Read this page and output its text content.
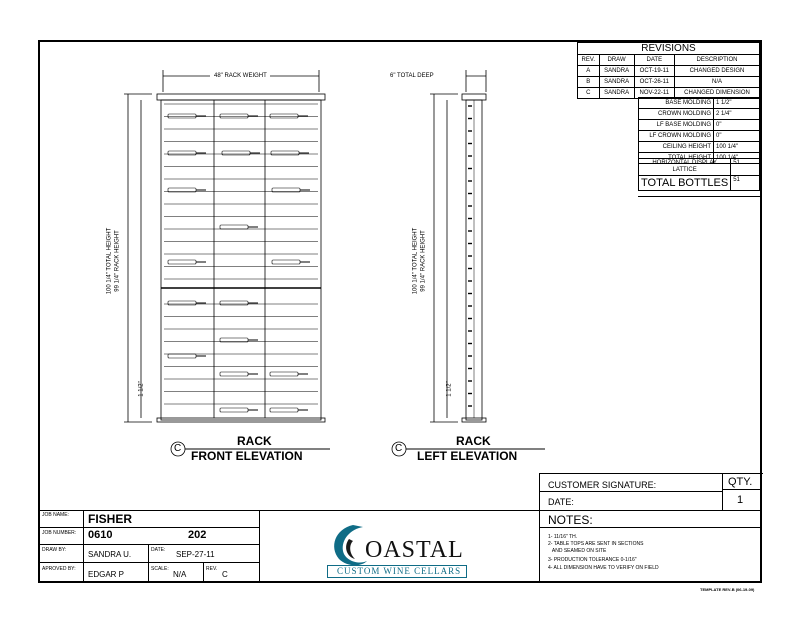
REVISIONS			
REV.	DRAW	DATE	DESCRIPTION
A	SANDRA	OCT-19-11	CHANGED DESIGN
B	SANDRA	OCT-26-11	N/A
C	SANDRA	NOV-22-11	CHANGED DIMENSION
BASE MOLDING	1 1/2"
CROWN MOLDING	2 1/4"
LF BASE MOLDING	0"
LF CROWN MOLDING	0"
CEILING HEIGHT	100 1/4"
TOTAL HEIGHT	100 1/4"
HORIZONTAL DISPLAY LATTICE	51
TOTAL BOTTLES	51
48" RACK WEIGHT
100 1/4" TOTAL HEIGHT 99 1/4" RACK HEIGHT
1 1/2"
C
RACK
FRONT ELEVATION
6" TOTAL DEEP
100 1/4" TOTAL HEIGHT 99 1/4" RACK HEIGHT
1 1/2"
C
RACK
LEFT ELEVATION
CUSTOMER SIGNATURE:
DATE:
QTY.
1
JOB NAME: FISHER
JOB NUMBER: 0610	202
DRAW BY:	SANDRA U.	DATE: SEP-27-11
APROVED BY:
EDGAR P
SCALE:
N/A
REV.
C
OASTAL
CUSTOM WINE CELLARS
NOTES:
1- 11/16" TH.
2- TABLE TOPS ARE SENT IN SECTIONS
AND SEAMED ON SITE
3- PRODUCTION TOLERANCE 0-1/16"
4- ALL DIMENSION HAVE TO VERIFY ON FIELD
TEMPLATE REV-B (06-19-09)
